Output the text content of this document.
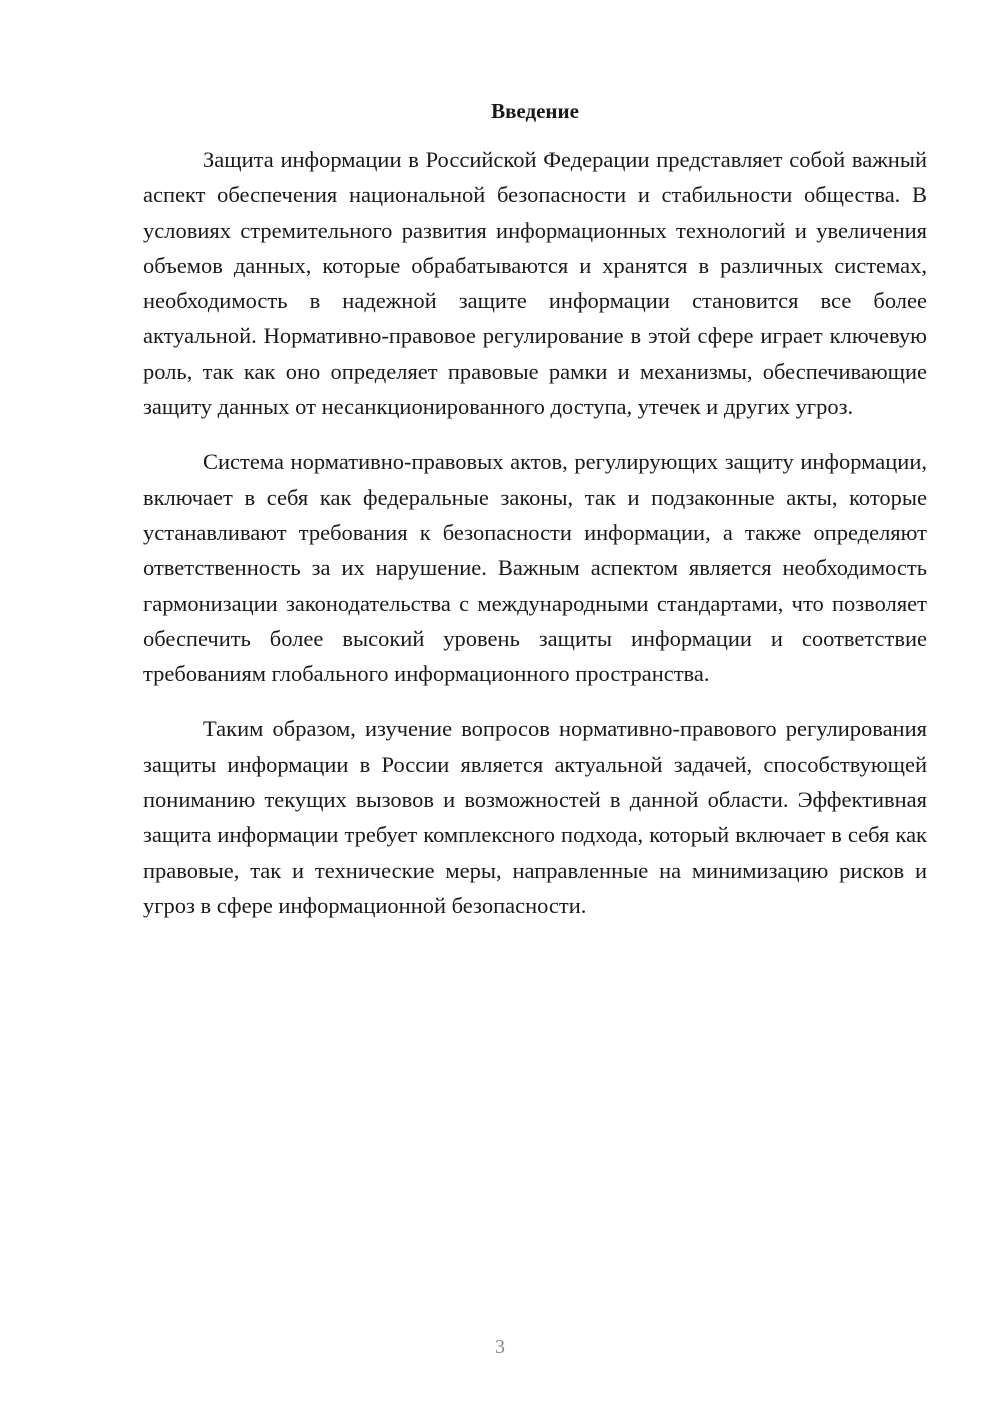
Введение

Защита информации в Российской Федерации представляет собой важный аспект обеспечения национальной безопасности и стабильности общества. В условиях стремительного развития информационных технологий и увеличения объемов данных, которые обрабатываются и хранятся в различных системах, необходимость в надежной защите информации становится все более актуальной. Нормативно-правовое регулирование в этой сфере играет ключевую роль, так как оно определяет правовые рамки и механизмы, обеспечивающие защиту данных от несанкционированного доступа, утечек и других угроз.

Система нормативно-правовых актов, регулирующих защиту информации, включает в себя как федеральные законы, так и подзаконные акты, которые устанавливают требования к безопасности информации, а также определяют ответственность за их нарушение. Важным аспектом является необходимость гармонизации законодательства с международными стандартами, что позволяет обеспечить более высокий уровень защиты информации и соответствие требованиям глобального информационного пространства.

Таким образом, изучение вопросов нормативно-правового регулирования защиты информации в России является актуальной задачей, способствующей пониманию текущих вызовов и возможностей в данной области. Эффективная защита информации требует комплексного подхода, который включает в себя как правовые, так и технические меры, направленные на минимизацию рисков и угроз в сфере информационной безопасности.

3
